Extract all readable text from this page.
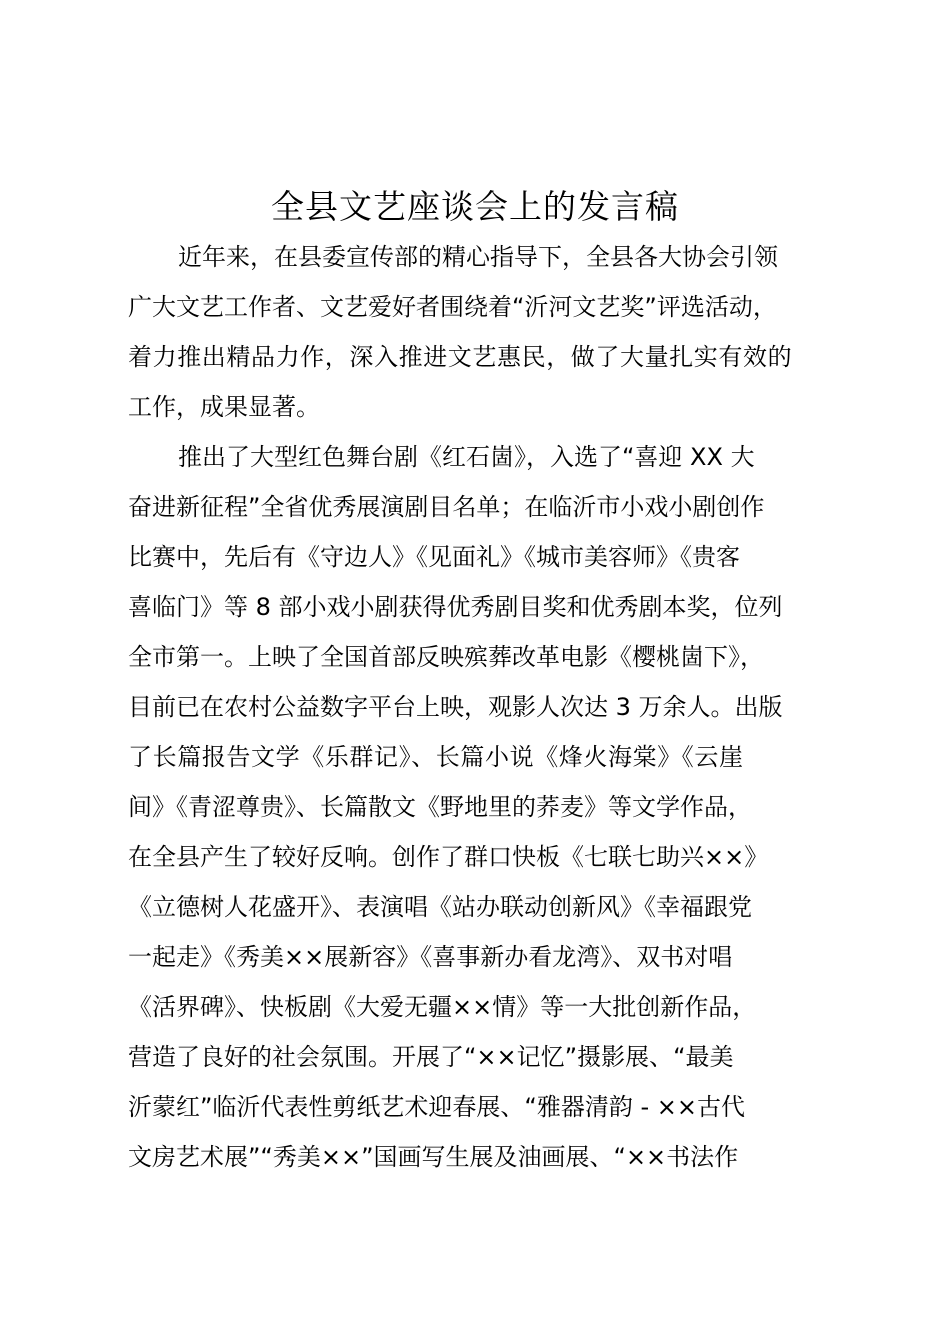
全县文艺座谈会上的发言稿
近年来，在县委宣传部的精心指导下，全县各大协会引领
广大文艺工作者、文艺爱好者围绕着“沂河文艺奖”评选活动，
着力推出精品力作，深入推进文艺惠民，做了大量扎实有效的
工作，成果显著。
推出了大型红色舞台剧《红石崮》，入选了“喜迎 XX 大
奋进新征程”全省优秀展演剧目名单；在临沂市小戏小剧创作
比赛中，先后有《守边人》《见面礼》《城市美容师》《贵客
喜临门》等 8 部小戏小剧获得优秀剧目奖和优秀剧本奖，位列
全市第一。上映了全国首部反映殡葬改革电影《樱桃崮下》，
目前已在农村公益数字平台上映，观影人次达 3 万余人。出版
了长篇报告文学《乐群记》、长篇小说《烽火海棠》《云崖
间》《青涩尊贵》、长篇散文《野地里的荞麦》等文学作品，
在全县产生了较好反响。创作了群口快板《七联七助兴××》
《立德树人花盛开》、表演唱《站办联动创新风》《幸福跟党
一起走》《秀美××展新容》《喜事新办看龙湾》、双书对唱
《活界碑》、快板剧《大爱无疆××情》等一大批创新作品，
营造了良好的社会氛围。开展了“××记忆”摄影展、“最美
沂蒙红”临沂代表性剪纸艺术迎春展、“雅器清韵 - ××古代
文房艺术展”“秀美××”国画写生展及油画展、“××书法作
